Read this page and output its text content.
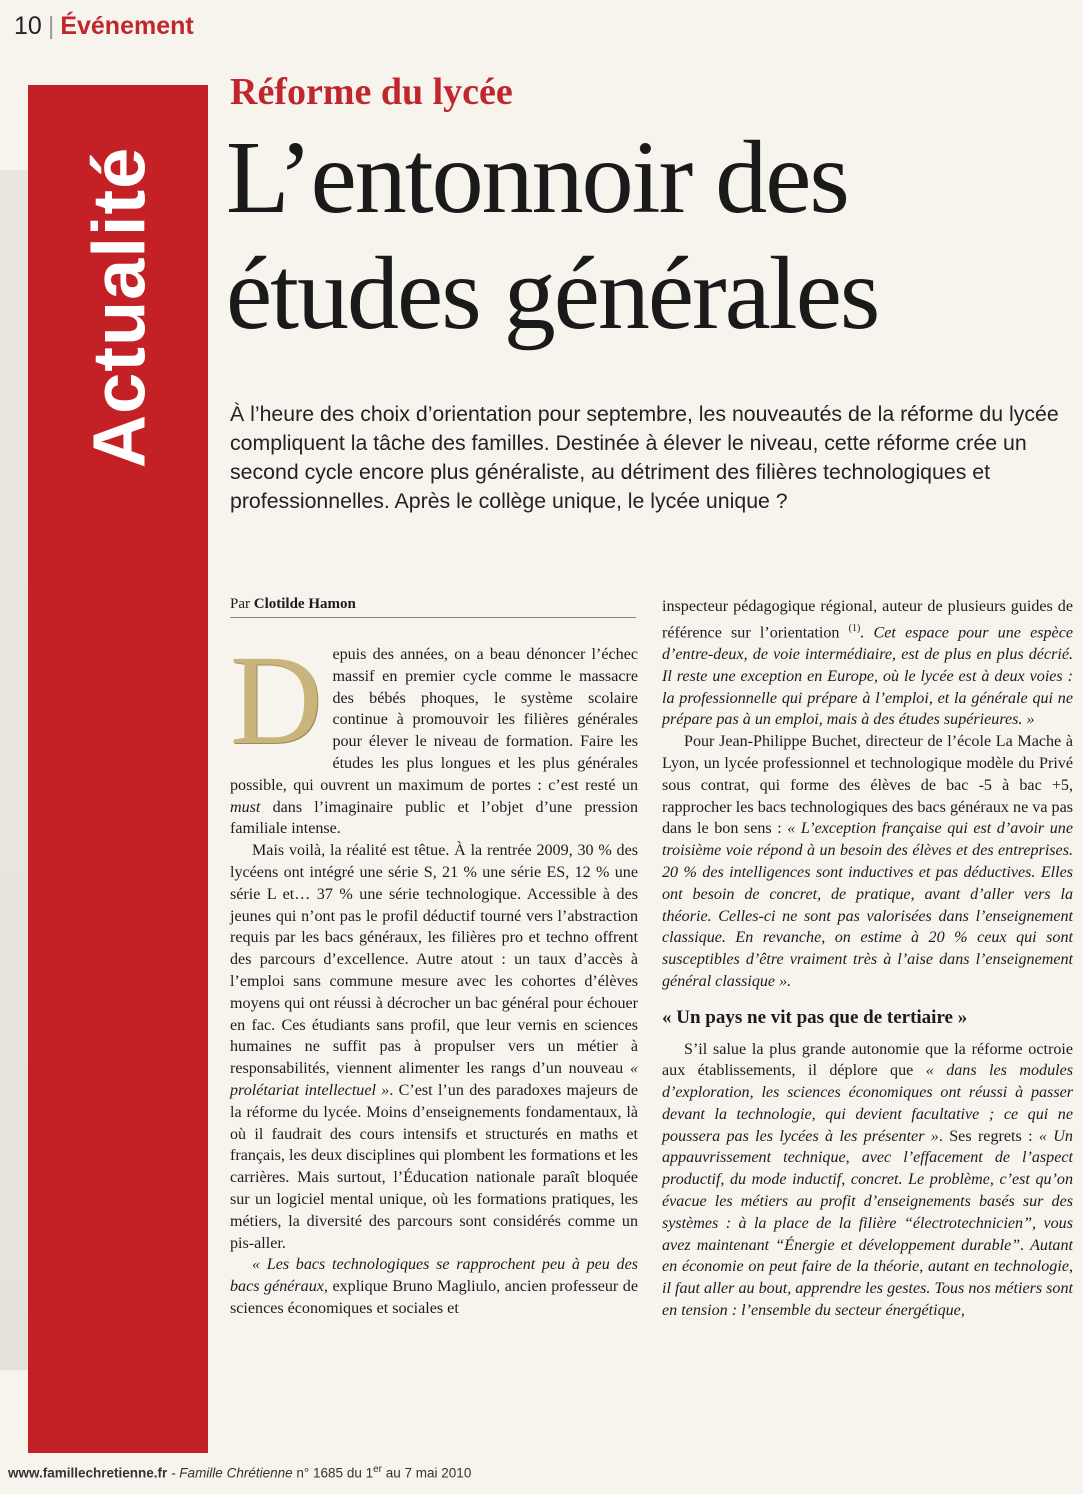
10 | Événement
Actualité
Réforme du lycée
L’entonnoir des
études générales

À l’heure des choix d’orientation pour septembre, les nouveautés de la réforme du lycée compliquent la tâche des familles. Destinée à élever le niveau, cette réforme crée un second cycle encore plus généraliste, au détriment des filières technologiques et professionnelles. Après le collège unique, le lycée unique ?

Par Clotilde Hamon

Depuis des années, on a beau dénoncer l’échec massif en premier cycle comme le massacre des bébés phoques, le système scolaire continue à promouvoir les filières générales pour élever le niveau de formation. Faire les études les plus longues et les plus générales possible, qui ouvrent un maximum de portes : c’est resté un must dans l’imaginaire public et l’objet d’une pression familiale intense.

Mais voilà, la réalité est têtue. À la rentrée 2009, 30 % des lycéens ont intégré une série S, 21 % une série ES, 12 % une série L et… 37 % une série technologique. Accessible à des jeunes qui n’ont pas le profil déductif tourné vers l’abstraction requis par les bacs généraux, les filières pro et techno offrent des parcours d’excellence. Autre atout : un taux d’accès à l’emploi sans commune mesure avec les cohortes d’élèves moyens qui ont réussi à décrocher un bac général pour échouer en fac. Ces étudiants sans profil, que leur vernis en sciences humaines ne suffit pas à propulser vers un métier à responsabilités, viennent alimenter les rangs d’un nouveau « prolétariat intellectuel ». C’est l’un des paradoxes majeurs de la réforme du lycée. Moins d’enseignements fondamentaux, là où il faudrait des cours intensifs et structurés en maths et français, les deux disciplines qui plombent les formations et les carrières. Mais surtout, l’Éducation nationale paraît bloquée sur un logiciel mental unique, où les formations pratiques, les métiers, la diversité des parcours sont considérés comme un pis-aller.

« Les bacs technologiques se rapprochent peu à peu des bacs généraux, explique Bruno Magliulo, ancien professeur de sciences économiques et sociales et

inspecteur pédagogique régional, auteur de plusieurs guides de référence sur l’orientation $^{(1)}$. Cet espace pour une espèce d’entre-deux, de voie intermédiaire, est de plus en plus décrié. Il reste une exception en Europe, où le lycée est à deux voies : la professionnelle qui prépare à l’emploi, et la générale qui ne prépare pas à un emploi, mais à des études supérieures. »

Pour Jean-Philippe Buchet, directeur de l’école La Mache à Lyon, un lycée professionnel et technologique modèle du Privé sous contrat, qui forme des élèves de bac -5 à bac +5, rapprocher les bacs technologiques des bacs généraux ne va pas dans le bon sens : « L’exception française qui est d’avoir une troisième voie répond à un besoin des élèves et des entreprises. 20 % des intelligences sont inductives et pas déductives. Elles ont besoin de concret, de pratique, avant d’aller vers la théorie. Celles-ci ne sont pas valorisées dans l’enseignement classique. En revanche, on estime à 20 % ceux qui sont susceptibles d’être vraiment très à l’aise dans l’enseignement général classique ».

« Un pays ne vit pas que de tertiaire »

S’il salue la plus grande autonomie que la réforme octroie aux établissements, il déplore que « dans les modules d’exploration, les sciences économiques ont réussi à passer devant la technologie, qui devient facultative ; ce qui ne poussera pas les lycées à les présenter ». Ses regrets : « Un appauvrissement technique, avec l’effacement de l’aspect productif, du mode inductif, concret. Le problème, c’est qu’on évacue les métiers au profit d’enseignements basés sur des systèmes : à la place de la filière “électrotechnicien”, vous avez maintenant “Énergie et développement durable”. Autant en économie on peut faire de la théorie, autant en technologie, il faut aller au bout, apprendre les gestes. Tous nos métiers sont en tension : l’ensemble du secteur énergétique,

www.famillechretienne.fr - Famille Chrétienne n° 1685 du 1er au 7 mai 2010
